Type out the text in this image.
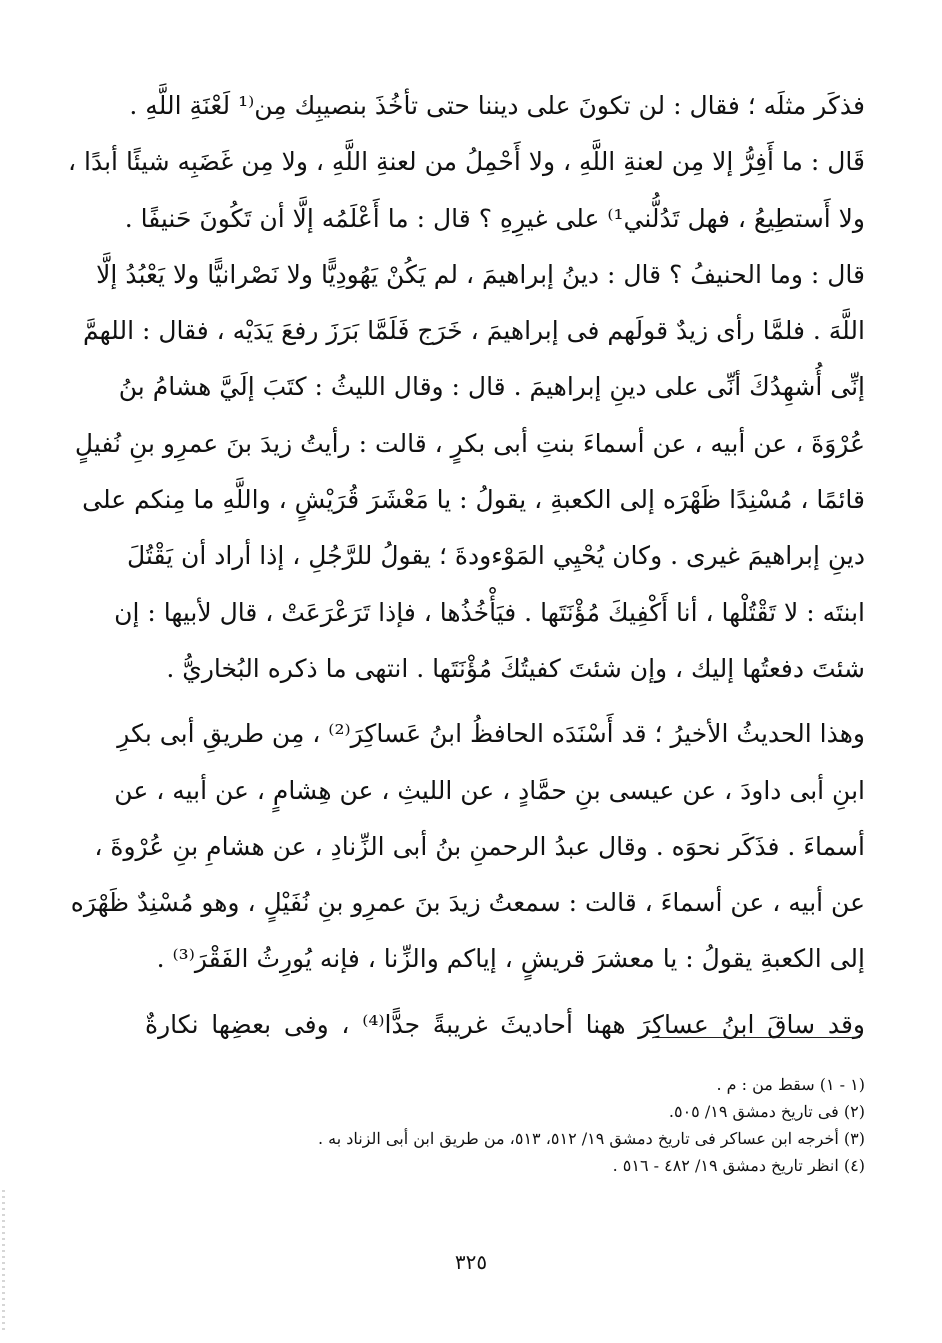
فذكَر مثلَه ؛ فقال : لن تكونَ على ديننا حتى تأخُذَ بنصيبِك مِن⁽¹ لَعْنَةِ اللَّهِ .
قَال : ما أَفِرُّ إلا مِن لعنةِ اللَّهِ ، ولا أَحْمِلُ من لعنةِ اللَّهِ ، ولا مِن غَضَبِه شيئًا أبدًا ،
ولا أَستطِيعُ ، فهل تَدُلُّني¹⁾ على غيرِهِ ؟ قال : ما أَعْلَمُه إلَّا أن تَكُونَ حَنيفًا .
قال : وما الحنيفُ ؟ قال : دينُ إبراهيمَ ، لم يَكُنْ يَهُودِيًّا ولا نَصْرانيًّا ولا يَعْبُدُ إلَّا
اللَّهَ . فلمَّا رأى زيدٌ قولَهم فى إبراهيمَ ، خَرَج فَلَمَّا بَرَزَ رفعَ يَدَيْه ، فقال : اللهمَّ
إنِّى أُشهِدُكَ أنِّى على دينِ إبراهيمَ . قال : وقال الليثُ : كتَبَ إلَيَّ هشامُ بنُ
عُرْوَةَ ، عن أبيه ، عن أسماءَ بنتِ أبى بكرٍ ، قالت : رأيتُ زيدَ بنَ عمرِو بنِ نُفيلٍ
قائمًا ، مُسْنِدًا ظَهْرَه إلى الكعبةِ ، يقولُ : يا مَعْشَرَ قُرَيْشٍ ، واللَّهِ ما مِنكم على
دينِ إبراهيمَ غيرى . وكان يُحْيِي المَوْءودةَ ؛ يقولُ للرَّجُلِ ، إذا أراد أن يَقْتُلَ
ابنتَه : لا تَقْتُلْها ، أنا أَكْفِيكَ مُؤْنَتَها . فيَأْخُذُها ، فإذا تَرَعْرَعَتْ ، قال لأبيها : إن
شئتَ دفعتُها إليك ، وإن شئتَ كفيتُكَ مُؤْنَتَها . انتهى ما ذكره البُخاريُّ .
وهذا الحديثُ الأخيرُ ؛ قد أَسْنَدَه الحافظُ ابنُ عَساكِرَ⁽²⁾ ، مِن طريقِ أبى بكرِ
ابنِ أبى داودَ ، عن عيسى بنِ حمَّادٍ ، عن الليثِ ، عن هِشامٍ ، عن أبيه ، عن
أسماءَ . فذَكَر نحوَه . وقال عبدُ الرحمنِ بنُ أبى الزِّنادِ ، عن هشامِ بنِ عُرْوةَ ،
عن أبيه ، عن أسماءَ ، قالت : سمعتُ زيدَ بنَ عمرِو بنِ نُفَيْلٍ ، وهو مُسْنِدٌ ظَهْرَه
إلى الكعبةِ يقولُ : يا معشرَ قريشٍ ، إياكم والزِّنا ، فإنه يُورِثُ الفَقْرَ⁽³⁾ .
وقد ساقَ ابنُ عساكِرَ ههنا أحاديثَ غريبةً جدًّا⁽⁴⁾ ، وفى بعضِها نكارةٌ
(١ - ١) سقط من : م .
(٢) فى تاريخ دمشق ١٩/ ٥٠٥.
(٣) أخرجه ابن عساكر فى تاريخ دمشق ١٩/ ٥١٢، ٥١٣، من طريق ابن أبى الزناد به .
(٤) انظر تاريخ دمشق ١٩/ ٤٨٢ - ٥١٦ .
٣٢٥
